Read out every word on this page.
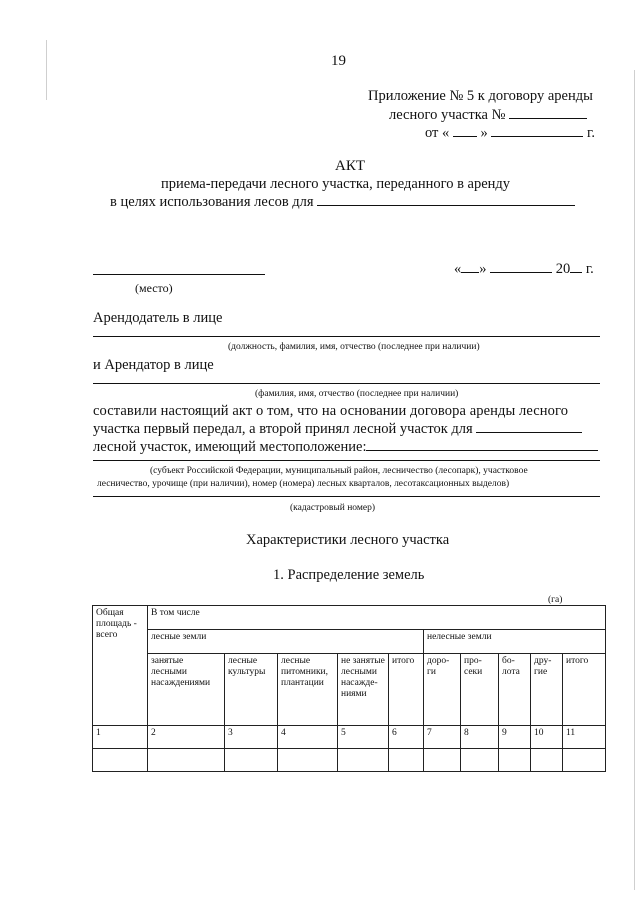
19
Приложение № 5 к договору аренды
лесного участка №
от « »	г.
АКТ
приема-передачи лесного участка, переданного в аренду
в целях использования лесов для
(место)
« »	20 г.
Арендодатель в лице
(должность, фамилия, имя, отчество (последнее при наличии)
и Арендатор в лице
(фамилия, имя, отчество (последнее при наличии)
составили настоящий акт о том, что на основании договора аренды лесного
участка первый передал, а второй принял лесной участок для
лесной участок, имеющий местоположение:
(субъект Российской Федерации, муниципальный район, лесничество (лесопарк), участковое
лесничество, урочище (при наличии), номер (номера) лесных кварталов, лесотаксационных выделов)
(кадастровый номер)
Характеристики лесного участка
1. Распределение земель
(га)
Общая площадь - всего	В том числе									
	лесные земли					нелесные земли				
	занятые лесными насаждениями	лесные культуры	лесные питомники, плантации	не занятые лесными насажде- ниями	итого	доро- ги	про- секи	бо- лота	дру- гие	итого
1	2	3	4	5	6	7	8	9	10	11
